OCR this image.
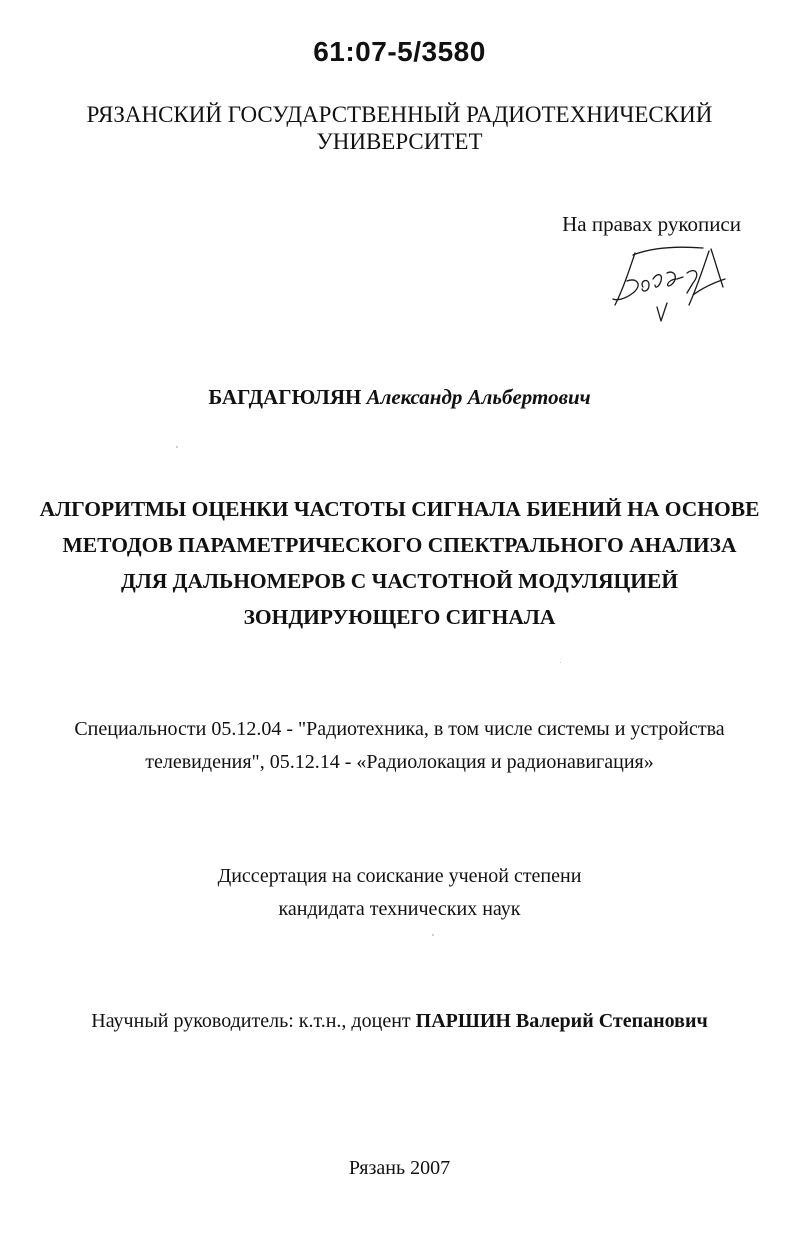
61:07-5/3580
РЯЗАНСКИЙ ГОСУДАРСТВЕННЫЙ РАДИОТЕХНИЧЕСКИЙ
УНИВЕРСИТЕТ
На правах рукописи
БАГДАГЮЛЯН Александр Альбертович
АЛГОРИТМЫ ОЦЕНКИ ЧАСТОТЫ СИГНАЛА БИЕНИЙ НА ОСНОВЕ
МЕТОДОВ ПАРАМЕТРИЧЕСКОГО СПЕКТРАЛЬНОГО АНАЛИЗА
ДЛЯ ДАЛЬНОМЕРОВ С ЧАСТОТНОЙ МОДУЛЯЦИЕЙ
ЗОНДИРУЮЩЕГО СИГНАЛА
Специальности 05.12.04 - "Радиотехника, в том числе системы и устройства
телевидения", 05.12.14 - «Радиолокация и радионавигация»
Диссертация на соискание ученой степени
кандидата технических наук
Научный руководитель: к.т.н., доцент ПАРШИН Валерий Степанович
Рязань 2007
